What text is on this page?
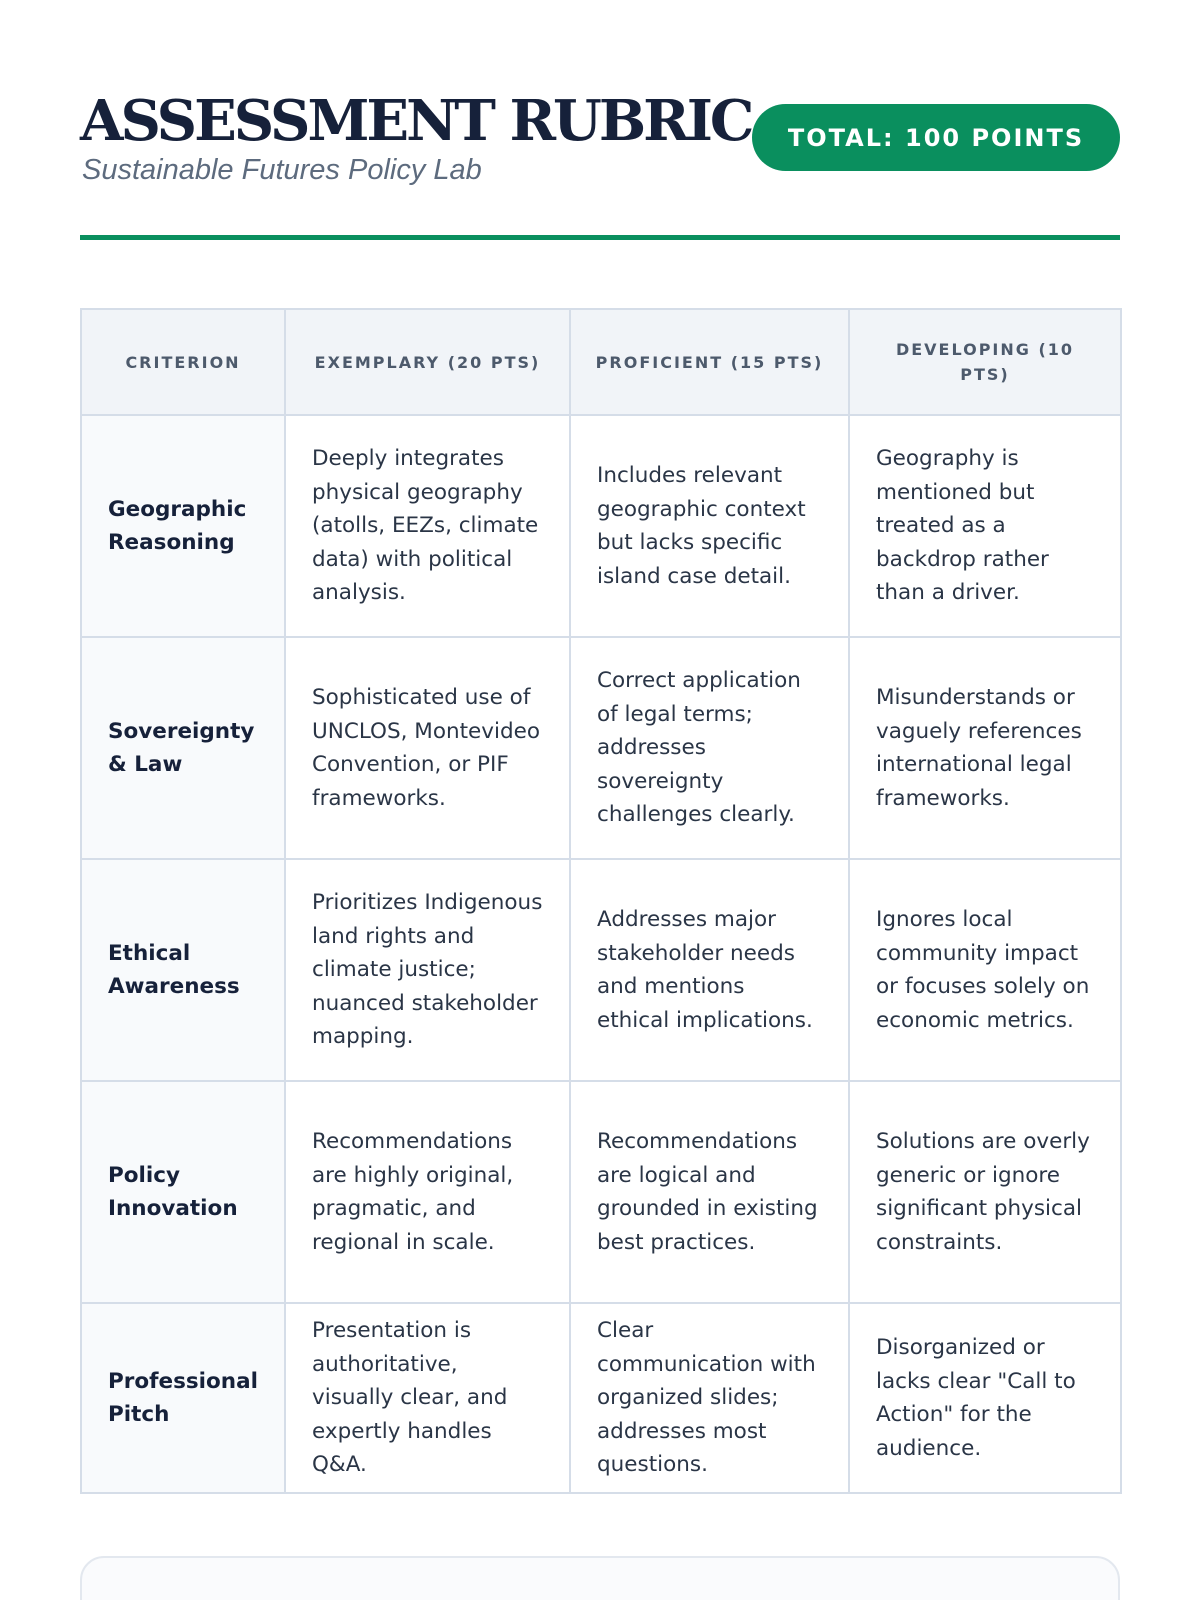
ASSESSMENT RUBRIC
Sustainable Futures Policy Lab
TOTAL: 100 POINTS
CRITERION	EXEMPLARY (20 PTS)	PROFICIENT (15 PTS)	DEVELOPING (10 PTS)
Geographic Reasoning	Deeply integrates physical geography (atolls, EEZs, climate data) with political analysis.	Includes relevant geographic context but lacks specific island case detail.	Geography is mentioned but treated as a backdrop rather than a driver.
Sovereignty & Law	Sophisticated use of UNCLOS, Montevideo Convention, or PIF frameworks.	Correct application of legal terms; addresses sovereignty challenges clearly.	Misunderstands or vaguely references international legal frameworks.
Ethical Awareness	Prioritizes Indigenous land rights and climate justice; nuanced stakeholder mapping.	Addresses major stakeholder needs and mentions ethical implications.	Ignores local community impact or focuses solely on economic metrics.
Policy Innovation	Recommendations are highly original, pragmatic, and regional in scale.	Recommendations are logical and grounded in existing best practices.	Solutions are overly generic or ignore significant physical constraints.
Professional Pitch	Presentation is authoritative, visually clear, and expertly handles Q&A.	Clear communication with organized slides; addresses most questions.	Disorganized or lacks clear "Call to Action" for the audience.
